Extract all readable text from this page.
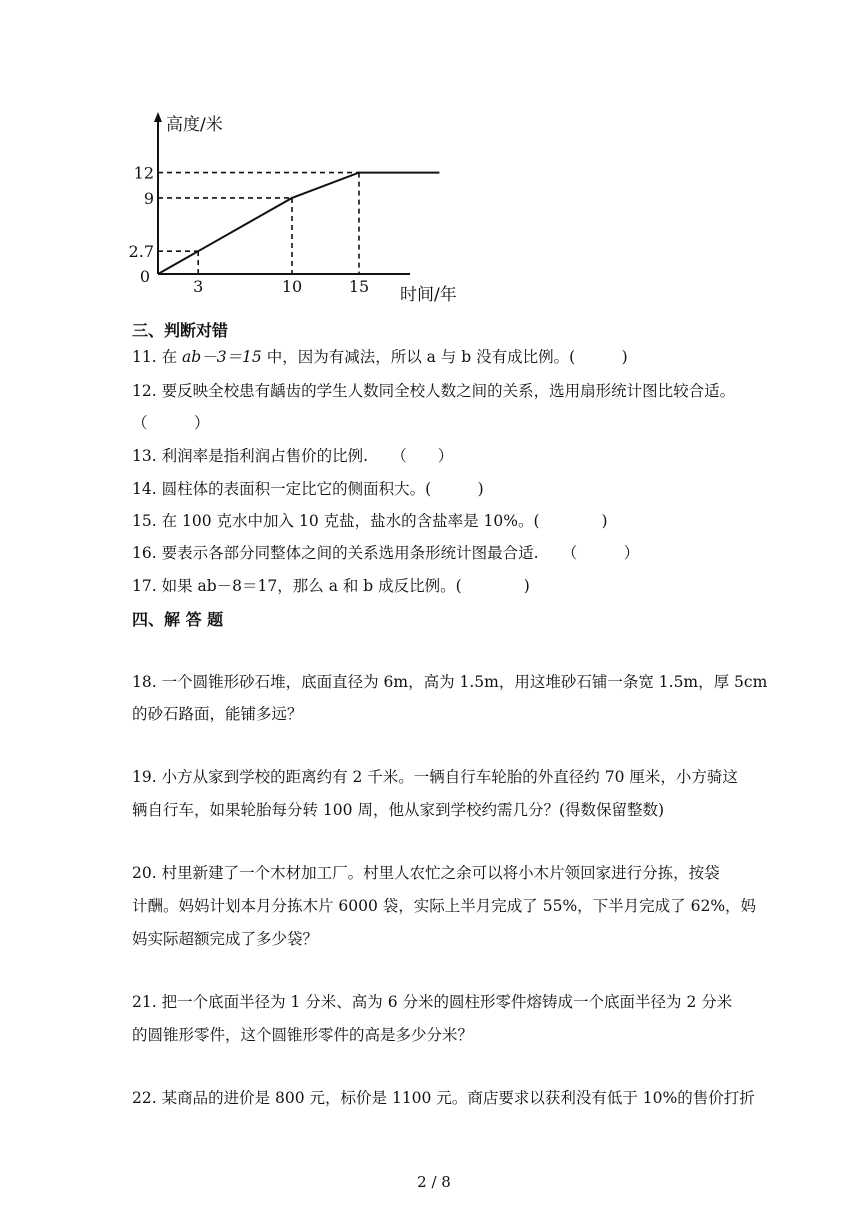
2.7
9
12
3	10	15
0
高度/米
时间/年
三、判断对错
11. 在 ab－3＝15 中，因为有减法，所以 a 与 b 没有成比例。(　　　)
12. 要反映全校患有龋齿的学生人数同全校人数之间的关系，选用扇形统计图比较合适。
（　　　）
13. 利润率是指利润占售价的比例.　　（　　）
14. 圆柱体的表面积一定比它的侧面积大。(　　　)
15. 在 100 克水中加入 10 克盐，盐水的含盐率是 10%。(　　　　)
16. 要表示各部分同整体之间的关系选用条形统计图最合适.　　（　　　）
17. 如果 ab－8＝17，那么 a 和 b 成反比例。(　　　　)
四、解 答 题
18. 一个圆锥形砂石堆，底面直径为 6m，高为 1.5m，用这堆砂石铺一条宽 1.5m，厚 5cm
的砂石路面，能铺多远？
19. 小方从家到学校的距离约有 2 千米。一辆自行车轮胎的外直径约 70 厘米，小方骑这
辆自行车，如果轮胎每分转 100 周，他从家到学校约需几分？(得数保留整数)
20. 村里新建了一个木材加工厂。村里人农忙之余可以将小木片领回家进行分拣，按袋
计酬。妈妈计划本月分拣木片 6000 袋，实际上半月完成了 55%，下半月完成了 62%，妈
妈实际超额完成了多少袋？
21. 把一个底面半径为 1 分米、高为 6 分米的圆柱形零件熔铸成一个底面半径为 2 分米
的圆锥形零件，这个圆锥形零件的高是多少分米？
22. 某商品的进价是 800 元，标价是 1100 元。商店要求以获利没有低于 10%的售价打折
2 / 8
